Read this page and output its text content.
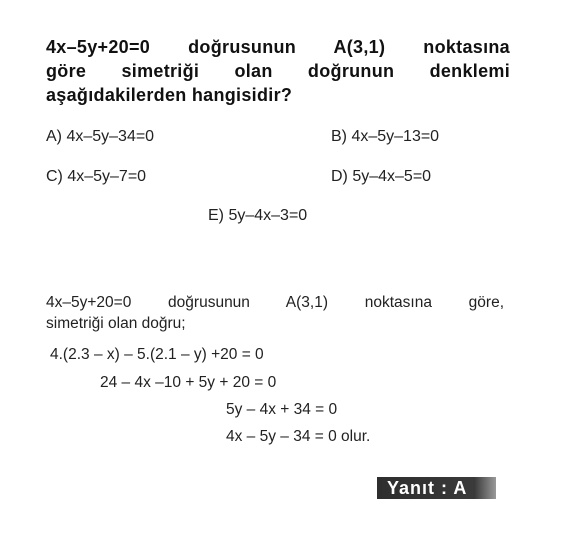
4x–5y+20=0 doğrusunun A(3,1) noktasına
göre simetriği olan doğrunun denklemi
aşağıdakilerden hangisidir?
A) 4x–5y–34=0	B) 4x–5y–13=0
C) 4x–5y–7=0	D) 5y–4x–5=0
E) 5y–4x–3=0
4x–5y+20=0 doğrusunun A(3,1) noktasına göre,
simetriği olan doğru;
4.(2.3 – x) – 5.(2.1 – y) +20 = 0
24 – 4x –10 + 5y + 20 = 0
5y – 4x + 34 = 0
4x – 5y – 34 = 0 olur.
Yanıt : A
